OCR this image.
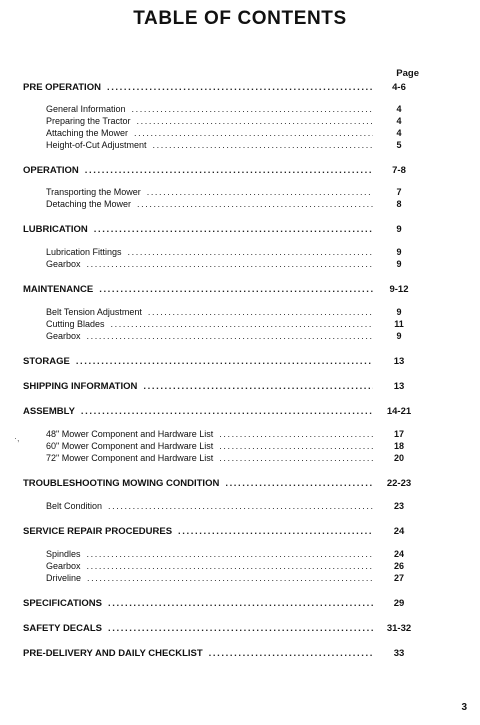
TABLE OF CONTENTS
Page
PRE OPERATION .....	4-6
General Information .....	4
Preparing the Tractor .....	4
Attaching the Mower .....	4
Height-of-Cut Adjustment .....	5
OPERATION .....	7-8
Transporting the Mower .....	7
Detaching the Mower .....	8
LUBRICATION .....	9
Lubrication Fittings .....	9
Gearbox .....	9
MAINTENANCE .....	9-12
Belt Tension Adjustment .....	9
Cutting Blades .....	11
Gearbox .....	9
STORAGE .....	13
SHIPPING INFORMATION .....	13
·,
ASSEMBLY .....	14-21
48" Mower Component and Hardware List .....	17
60" Mower Component and Hardware List .....	18
72" Mower Component and Hardware List .....	20
TROUBLESHOOTING MOWING CONDITION .....	22-23
Belt Condition .....	23
SERVICE REPAIR PROCEDURES .....	24
Spindles .....	24
Gearbox .....	26
Driveline .....	27
SPECIFICATIONS .....	29
SAFETY DECALS .....	31-32
PRE-DELIVERY AND DAILY CHECKLIST .....	33
3
